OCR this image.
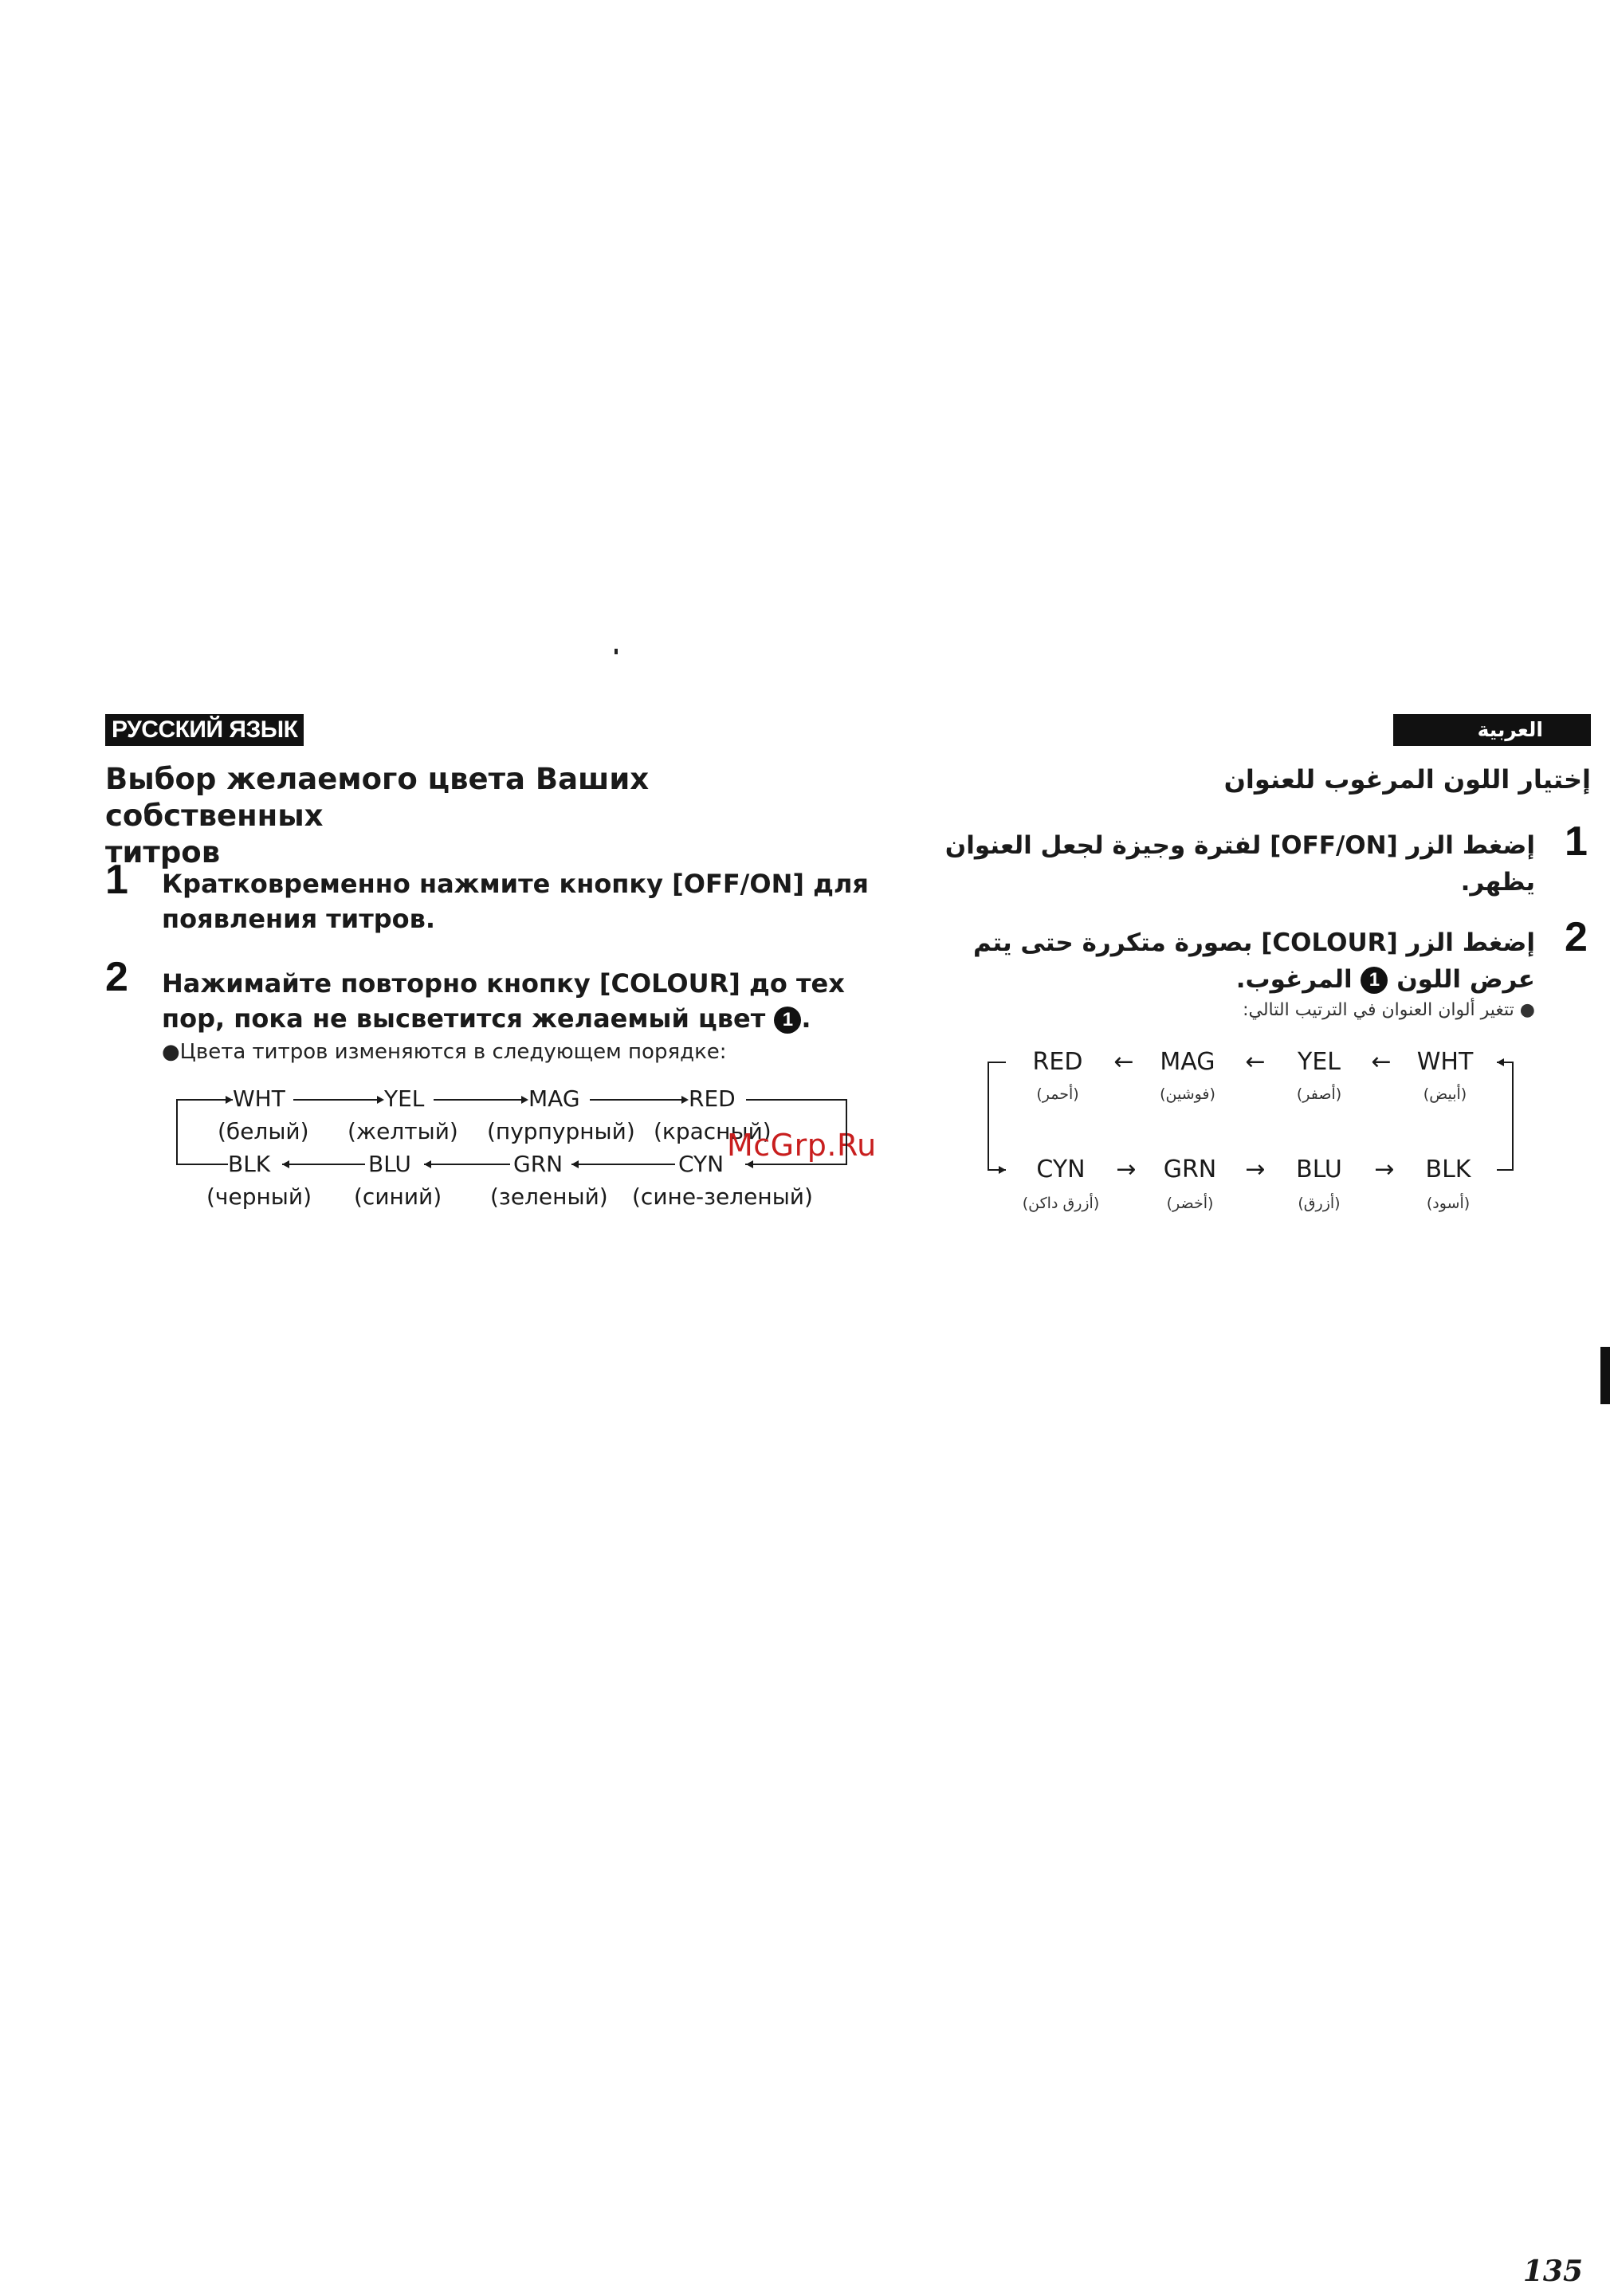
РУССКИЙ ЯЗЫК
Выбор желаемого цвета Ваших собственных
титров
1 Кратковременно нажмите кнопку [OFF/ON] для
появления титров.
2 Нажимайте повторно кнопку [COLOUR] до тех
пор, пока не высветится желаемый цвет 1 .
●Цвета титров изменяются в следующем порядке:
WHT	YEL	MAG	RED
(белый) (желтый) (пурпурный) (красный)
BLK	BLU	GRN	CYN
(черный) (синий) (зеленый) (сине-зеленый)
McGrp.Ru
العربية
إختيار اللون المرغوب للعنوان
1
إضغط الزر [OFF/ON] لفترة وجيزة لجعل العنوان
يظهر.
2
إضغط الزر [COLOUR] بصورة متكررة حتى يتم
عرض اللون 1 المرغوب.
● تتغير ألوان العنوان في الترتيب التالي:
RED	MAG	YEL	WHT
←	←	←
(أحمر)	(فوشين)	(أصفر)	(أبيض)
CYN	GRN	BLU	BLK
→	→	→
(أزرق داكن)	(أخضر)	(أزرق)	(أسود)
135
